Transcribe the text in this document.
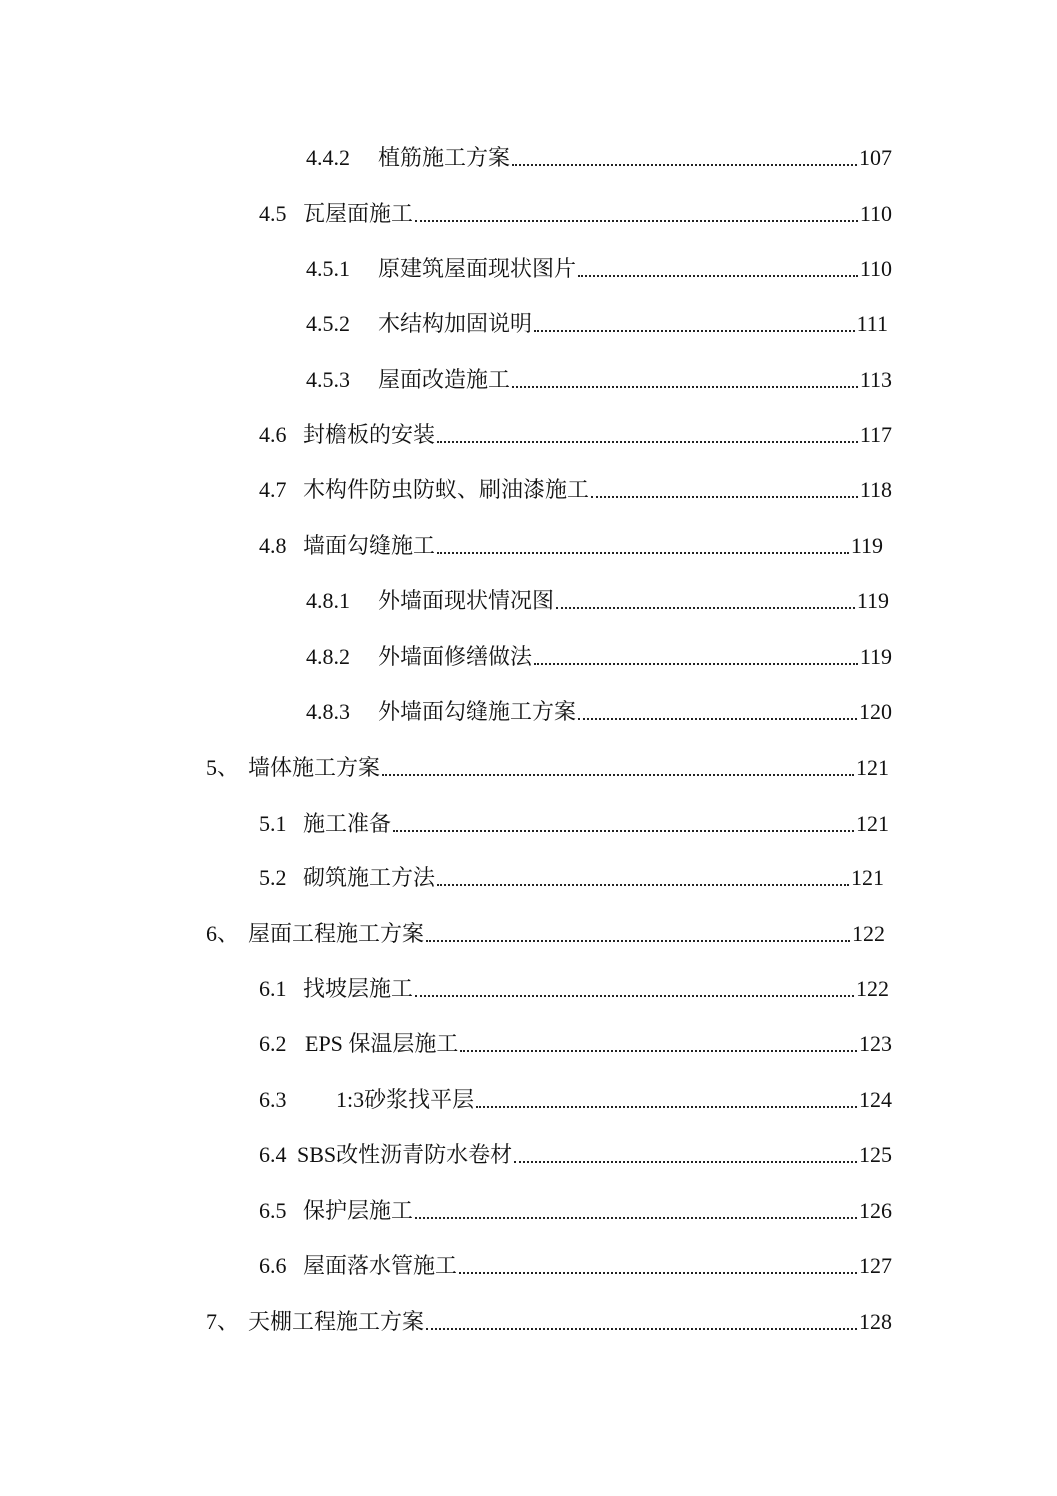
4.4.2	植筋施工方案	107
4.5 瓦屋面施工	110
4.5.1	原建筑屋面现状图片	110
4.5.2	木结构加固说明	111
4.5.3	屋面改造施工	113
4.6 封檐板的安装	117
4.7 木构件防虫防蚁、刷油漆施工	118
4.8 墙面勾缝施工	119
4.8.1	外墙面现状情况图	119
4.8.2	外墙面修缮做法	119
4.8.3	外墙面勾缝施工方案	120
5、 墙体施工方案	121
5.1 施工准备	121
5.2 砌筑施工方法	121
6、 屋面工程施工方案	122
6.1 找坡层施工	122
6.2 EPS 保温层施工	123
6.3 1:3砂浆找平层	124
6.4 SBS改性沥青防水卷材	125
6.5 保护层施工	126
6.6 屋面落水管施工	127
7、 天棚工程施工方案	128
